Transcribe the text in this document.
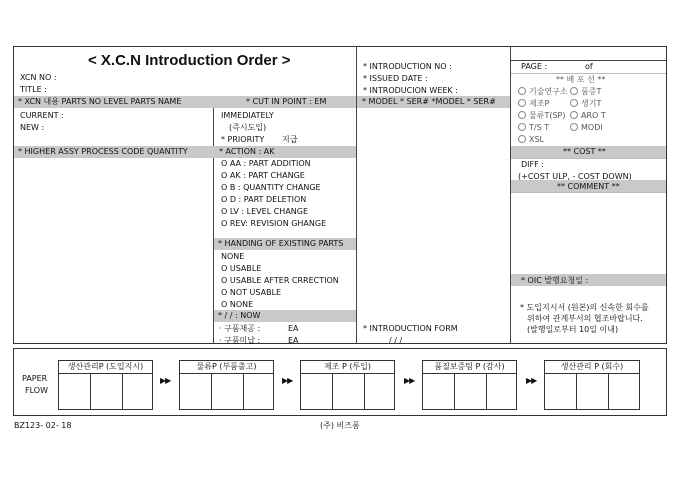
< X.C.N Introduction Order >
XCN NO :
TITLE :
* INTRODUCTION NO :
* ISSUED DATE :
* INTRODUCION WEEK :
* MODEL * SER# *MODEL * SER#
* INTRODUCTION FORM
/ / /
PAGE :	of
** 배 포 선 **
기술연구소	품증T
제조P	생기T
물류T(SP)	ARO T
T/S T	MODI
XSL
** COST **
DIFF :
(+COST ULP, - COST DOWN)
** COMMENT **
* OIC 발행요청일 :
* 도입지시서 (원본)의 신속한 회수를
위하여 관계부서의 협조바랍니다.
(발행일로부터 10일 이내)
* XCN 내용 PARTS NO LEVEL PARTS NAME
CURRENT :
NEW :
* CUT IN POINT : EM
IMMEDIATELY
(즉시도입)
* PRIORITY 지급
* HIGHER ASSY PROCESS CODE QUANTITY	* ACTION : AK
O AA : PART ADDITION
O AK : PART CHANGE
O B : QUANTITY CHANGE
O D : PART DELETION
O LV : LEVEL CHANGE
O REV: REVISION GHANGE
* HANDING OF EXISTING PARTS
NONE
O USABLE
O USABLE AFTER CRRECTION
O NOT USABLE
O NONE
* / / : NOW
· 구품재공 :	EA
· 구품미납 :	EA
PAPER
FLOW
생산관리P (도입지시)
▶▶
물류P (부품출고)
▶▶
제조 P (투입)
▶▶
품질보증팀 P (감사)
▶▶
생산관리 P (회수)
BZ123- 02- 18	(주) 비즈폼
